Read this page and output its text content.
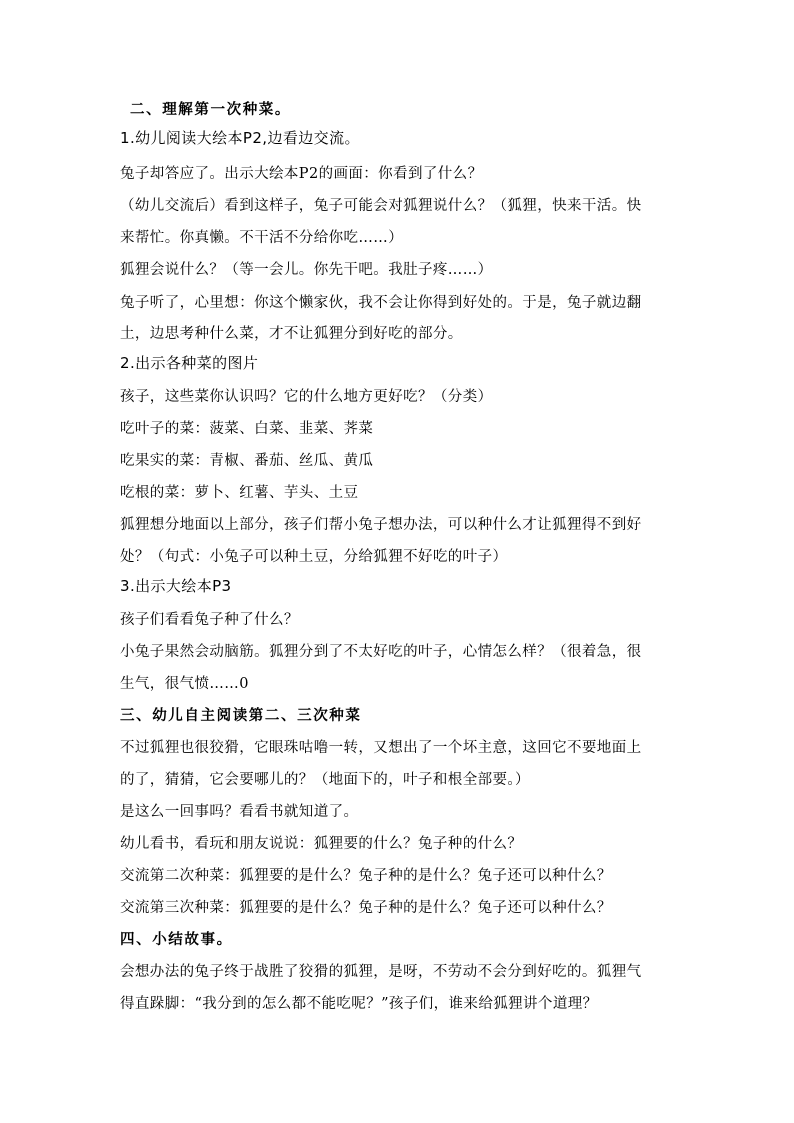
二、理解第一次种菜。

1.幼儿阅读大绘本P2,边看边交流。

兔子却答应了。出示大绘本P2的画面：你看到了什么？

（幼儿交流后）看到这样子，兔子可能会对狐狸说什么？（狐狸，快来干活。快

来帮忙。你真懒。不干活不分给你吃……）

狐狸会说什么？（等一会儿。你先干吧。我肚子疼……）

兔子听了，心里想：你这个懒家伙，我不会让你得到好处的。于是，兔子就边翻

土，边思考种什么菜，才不让狐狸分到好吃的部分。

2.出示各种菜的图片

孩子，这些菜你认识吗？它的什么地方更好吃？（分类）

吃叶子的菜：菠菜、白菜、韭菜、荠菜

吃果实的菜：青椒、番茄、丝瓜、黄瓜

吃根的菜：萝卜、红薯、芋头、土豆

狐狸想分地面以上部分，孩子们帮小兔子想办法，可以种什么才让狐狸得不到好

处？（句式：小兔子可以种土豆，分给狐狸不好吃的叶子）

3.出示大绘本P3

孩子们看看兔子种了什么？

小兔子果然会动脑筋。狐狸分到了不太好吃的叶子，心情怎么样？（很着急，很

生气，很气愤……0

三、幼儿自主阅读第二、三次种菜

不过狐狸也很狡猾，它眼珠咕噜一转，又想出了一个坏主意，这回它不要地面上

的了，猜猜，它会要哪儿的？（地面下的，叶子和根全部要。）

是这么一回事吗？看看书就知道了。

幼儿看书，看玩和朋友说说：狐狸要的什么？兔子种的什么？

交流第二次种菜：狐狸要的是什么？兔子种的是什么？兔子还可以种什么？

交流第三次种菜：狐狸要的是什么？兔子种的是什么？兔子还可以种什么？

四、小结故事。

会想办法的兔子终于战胜了狡猾的狐狸，是呀，不劳动不会分到好吃的。狐狸气

得直跺脚：“我分到的怎么都不能吃呢？”孩子们，谁来给狐狸讲个道理？
